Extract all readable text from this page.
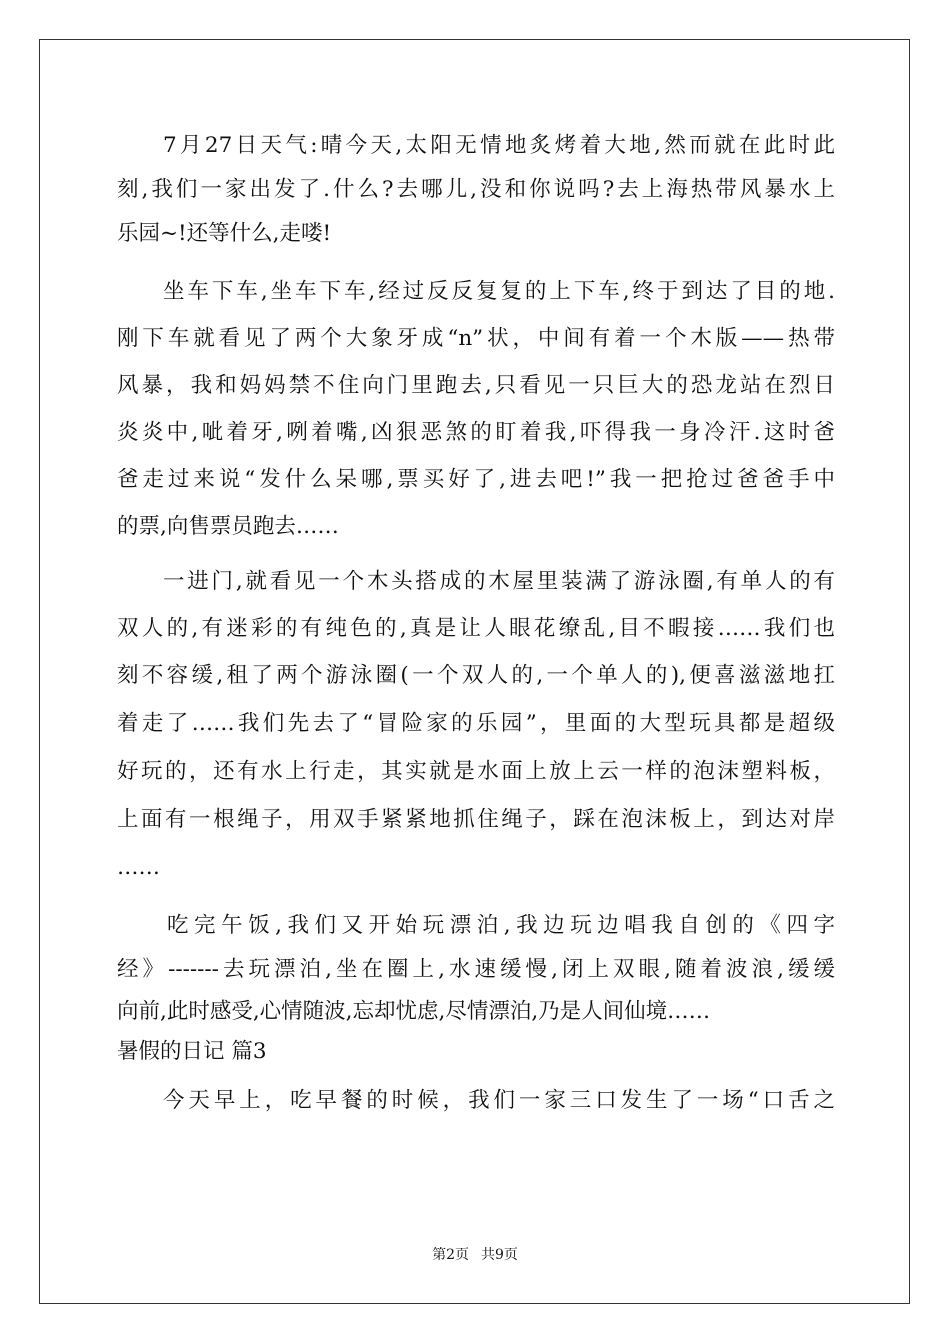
7月27日天气:晴今天,太阳无情地炙烤着大地,然而就在此时此
刻,我们一家出发了.什么?去哪儿,没和你说吗?去上海热带风暴水上
乐园~!还等什么,走喽!
坐车下车,坐车下车,经过反反复复的上下车,终于到达了目的地.
刚下车就看见了两个大象牙成“n”状，中间有着一个木版——热带
风暴，我和妈妈禁不住向门里跑去,只看见一只巨大的恐龙站在烈日
炎炎中,呲着牙,咧着嘴,凶狠恶煞的盯着我,吓得我一身冷汗.这时爸
爸走过来说“发什么呆哪,票买好了,进去吧!”我一把抢过爸爸手中
的票,向售票员跑去……
一进门,就看见一个木头搭成的木屋里装满了游泳圈,有单人的有
双人的,有迷彩的有纯色的,真是让人眼花缭乱,目不暇接……我们也
刻不容缓,租了两个游泳圈(一个双人的,一个单人的),便喜滋滋地扛
着走了……我们先去了“冒险家的乐园”，里面的大型玩具都是超级
好玩的，还有水上行走，其实就是水面上放上云一样的泡沫塑料板，
上面有一根绳子，用双手紧紧地抓住绳子，踩在泡沫板上，到达对岸
……
吃完午饭,我们又开始玩漂泊,我边玩边唱我自创的《四字
经》-------去玩漂泊,坐在圈上,水速缓慢,闭上双眼,随着波浪,缓缓
向前,此时感受,心情随波,忘却忧虑,尽情漂泊,乃是人间仙境……
暑假的日记 篇3
今天早上，吃早餐的时候，我们一家三口发生了一场“口舌之
第2页 共9页
